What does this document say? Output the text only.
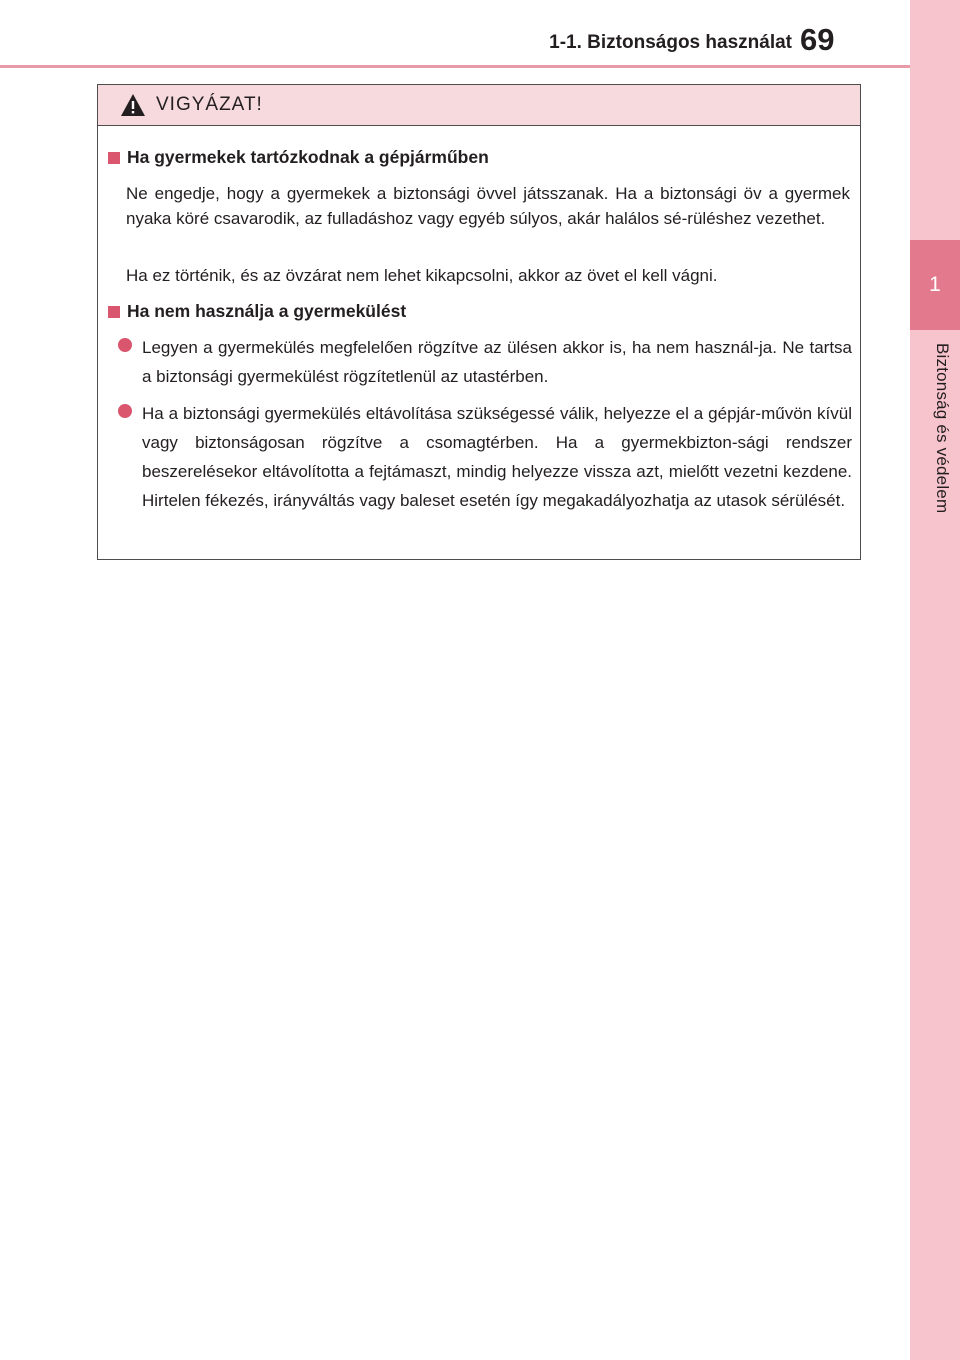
1
Biztonság és védelem
1-1. Biztonságos használat 69
VIGYÁZAT!
Ha gyermekek tartózkodnak a gépjárműben
Ne engedje, hogy a gyermekek a biztonsági övvel játsszanak. Ha a biztonsági öv a gyermek nyaka köré csavarodik, az fulladáshoz vagy egyéb súlyos, akár halálos sé-rüléshez vezethet.
Ha ez történik, és az övzárat nem lehet kikapcsolni, akkor az övet el kell vágni.
Ha nem használja a gyermekülést
Legyen a gyermekülés megfelelően rögzítve az ülésen akkor is, ha nem használ-ja. Ne tartsa a biztonsági gyermekülést rögzítetlenül az utastérben.
Ha a biztonsági gyermekülés eltávolítása szükségessé válik, helyezze el a gépjár-művön kívül vagy biztonságosan rögzítve a csomagtérben. Ha a gyermekbizton-sági rendszer beszerelésekor eltávolította a fejtámaszt, mindig helyezze vissza azt, mielőtt vezetni kezdene. Hirtelen fékezés, irányváltás vagy baleset esetén így megakadályozhatja az utasok sérülését.
